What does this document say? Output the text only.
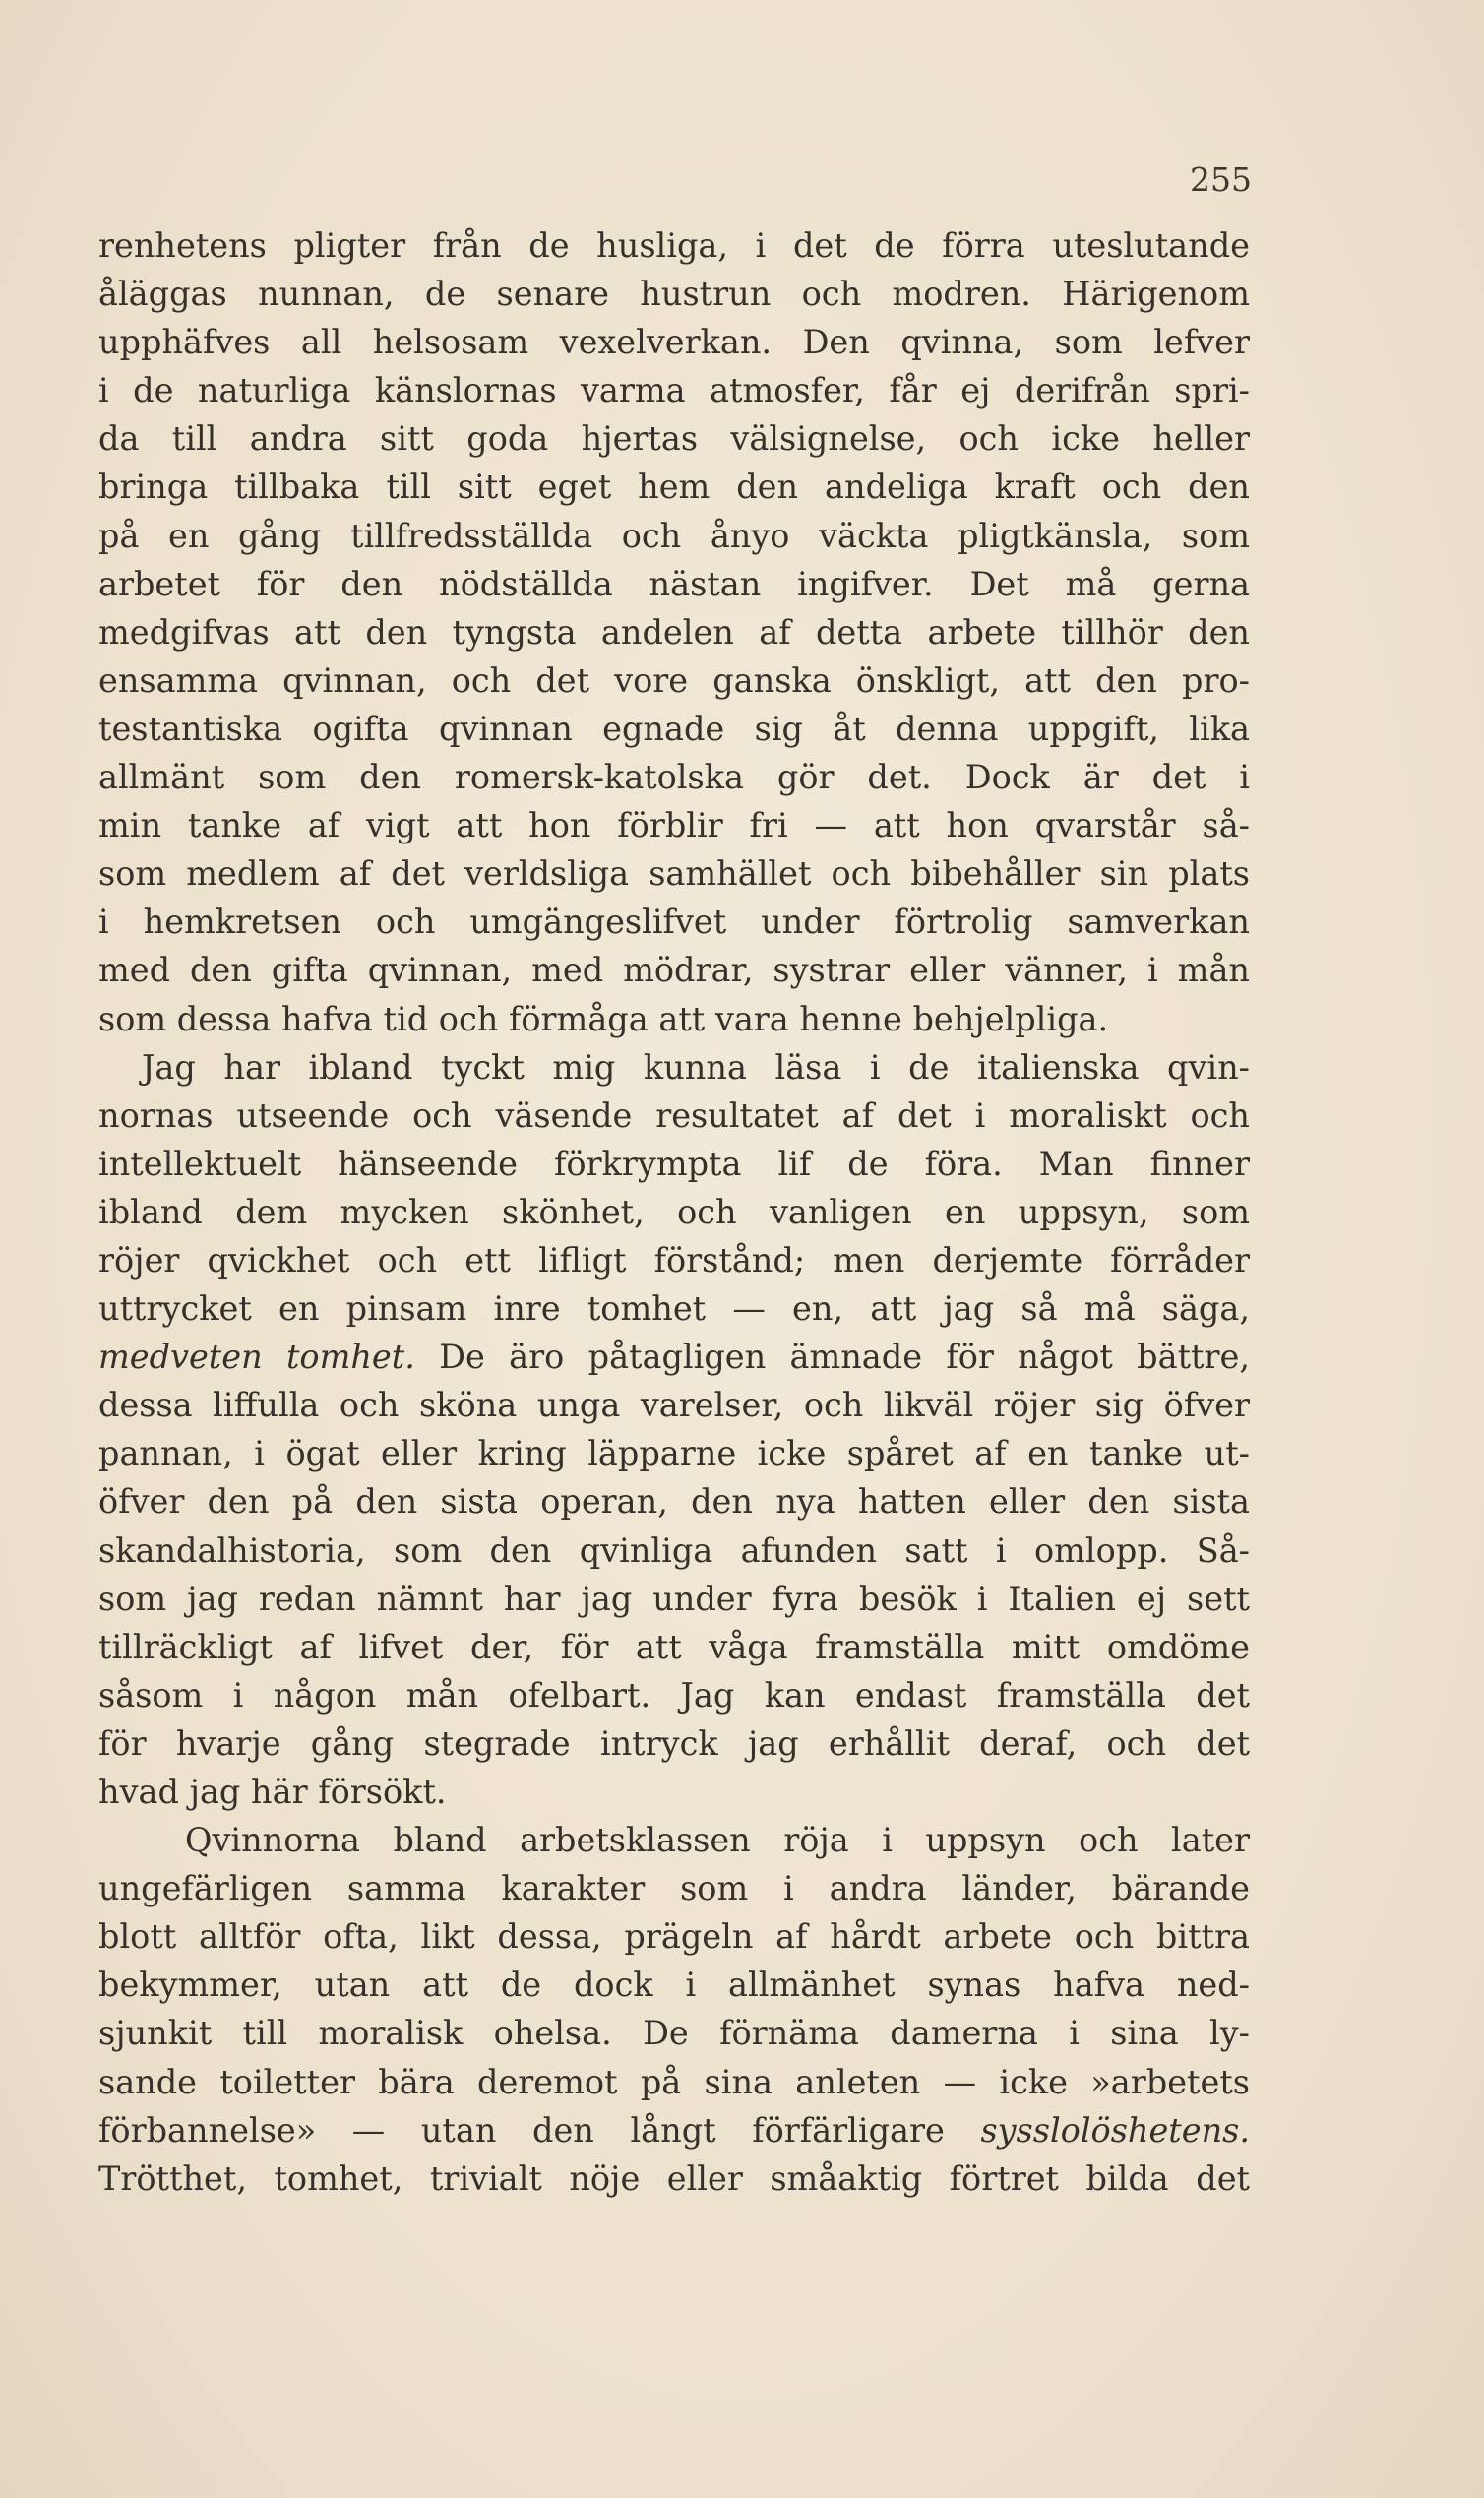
255
renhetens pligter från de husliga, i det de förra uteslutande
åläggas nunnan, de senare hustrun och modren. Härigenom
upphäfves all helsosam vexelverkan. Den qvinna, som lefver
i de naturliga känslornas varma atmosfer, får ej derifrån spri-
da till andra sitt goda hjertas välsignelse, och icke heller
bringa tillbaka till sitt eget hem den andeliga kraft och den
på en gång tillfredsställda och ånyo väckta pligtkänsla, som
arbetet för den nödställda nästan ingifver. Det må gerna
medgifvas att den tyngsta andelen af detta arbete tillhör den
ensamma qvinnan, och det vore ganska önskligt, att den pro-
testantiska ogifta qvinnan egnade sig åt denna uppgift, lika
allmänt som den romersk-katolska gör det. Dock är det i
min tanke af vigt att hon förblir fri — att hon qvarstår så-
som medlem af det verldsliga samhället och bibehåller sin plats
i hemkretsen och umgängeslifvet under förtrolig samverkan
med den gifta qvinnan, med mödrar, systrar eller vänner, i mån
som dessa hafva tid och förmåga att vara henne behjelpliga.
Jag har ibland tyckt mig kunna läsa i de italienska qvin-
nornas utseende och väsende resultatet af det i moraliskt och
intellektuelt hänseende förkrympta lif de föra. Man finner
ibland dem mycken skönhet, och vanligen en uppsyn, som
röjer qvickhet och ett lifligt förstånd; men derjemte förråder
uttrycket en pinsam inre tomhet — en, att jag så må säga,
medveten tomhet. De äro påtagligen ämnade för något bättre,
dessa liffulla och sköna unga varelser, och likväl röjer sig öfver
pannan, i ögat eller kring läpparne icke spåret af en tanke ut-
öfver den på den sista operan, den nya hatten eller den sista
skandalhistoria, som den qvinliga afunden satt i omlopp. Så-
som jag redan nämnt har jag under fyra besök i Italien ej sett
tillräckligt af lifvet der, för att våga framställa mitt omdöme
såsom i någon mån ofelbart. Jag kan endast framställa det
för hvarje gång stegrade intryck jag erhållit deraf, och det
hvad jag här försökt.
Qvinnorna bland arbetsklassen röja i uppsyn och later
ungefärligen samma karakter som i andra länder, bärande
blott alltför ofta, likt dessa, prägeln af hårdt arbete och bittra
bekymmer, utan att de dock i allmänhet synas hafva ned-
sjunkit till moralisk ohelsa. De förnäma damerna i sina ly-
sande toiletter bära deremot på sina anleten — icke »arbetets
förbannelse» — utan den långt förfärligare sysslolöshetens.
Trötthet, tomhet, trivialt nöje eller småaktig förtret bilda det
